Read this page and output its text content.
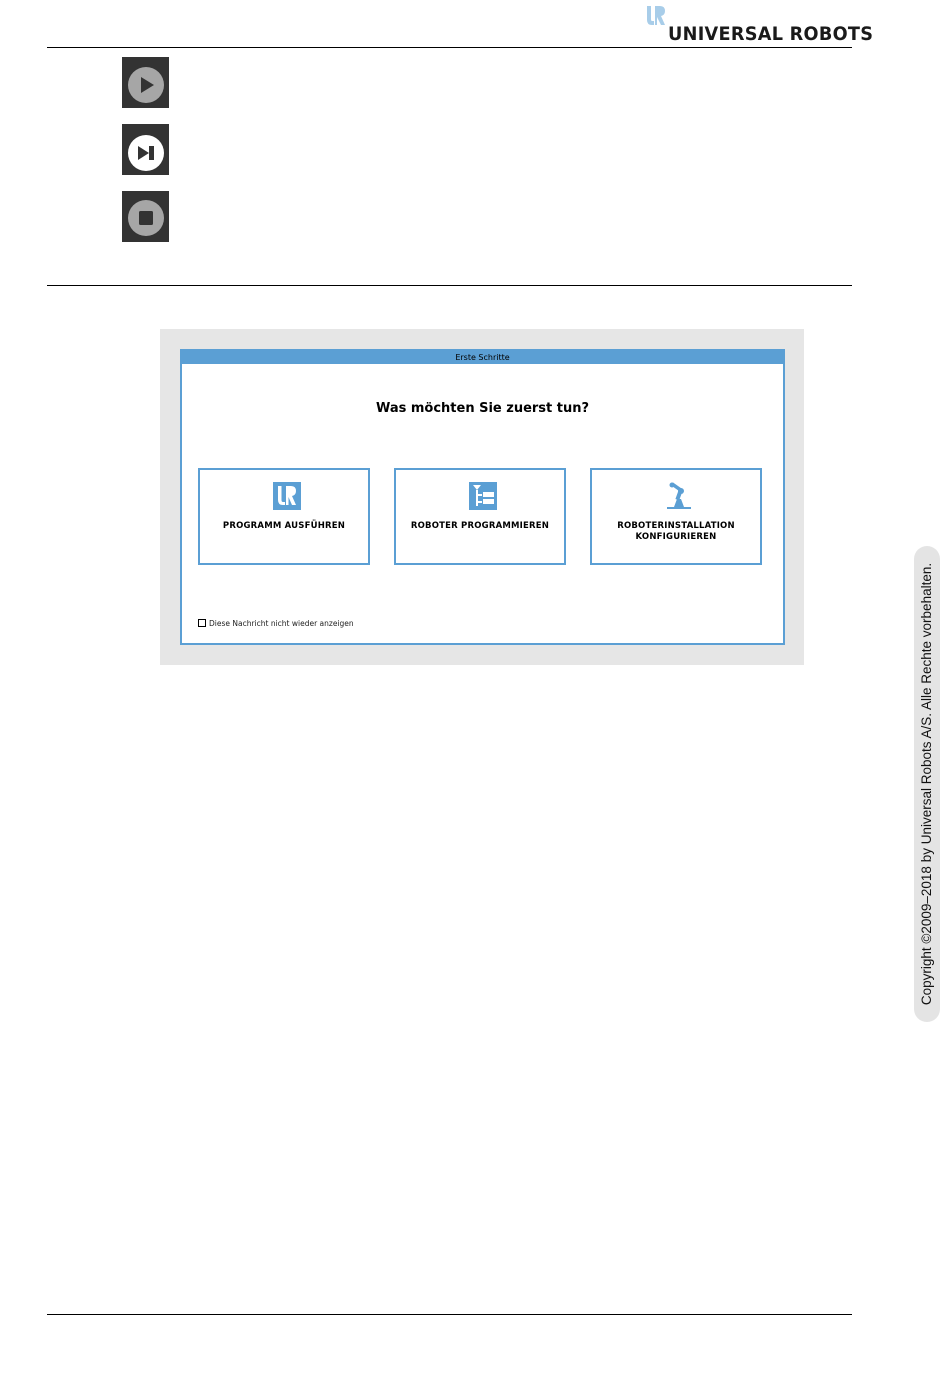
UNIVERSAL ROBOTS
Erste Schritte
Was möchten Sie zuerst tun?
PROGRAMM AUSFÜHREN	ROBOTER PROGRAMMIEREN	ROBOTERINSTALLATION KONFIGURIEREN
Diese Nachricht nicht wieder anzeigen	Copyright ©2009–2018 by Universal Robots A/S. Alle Rechte vorbehalten.
